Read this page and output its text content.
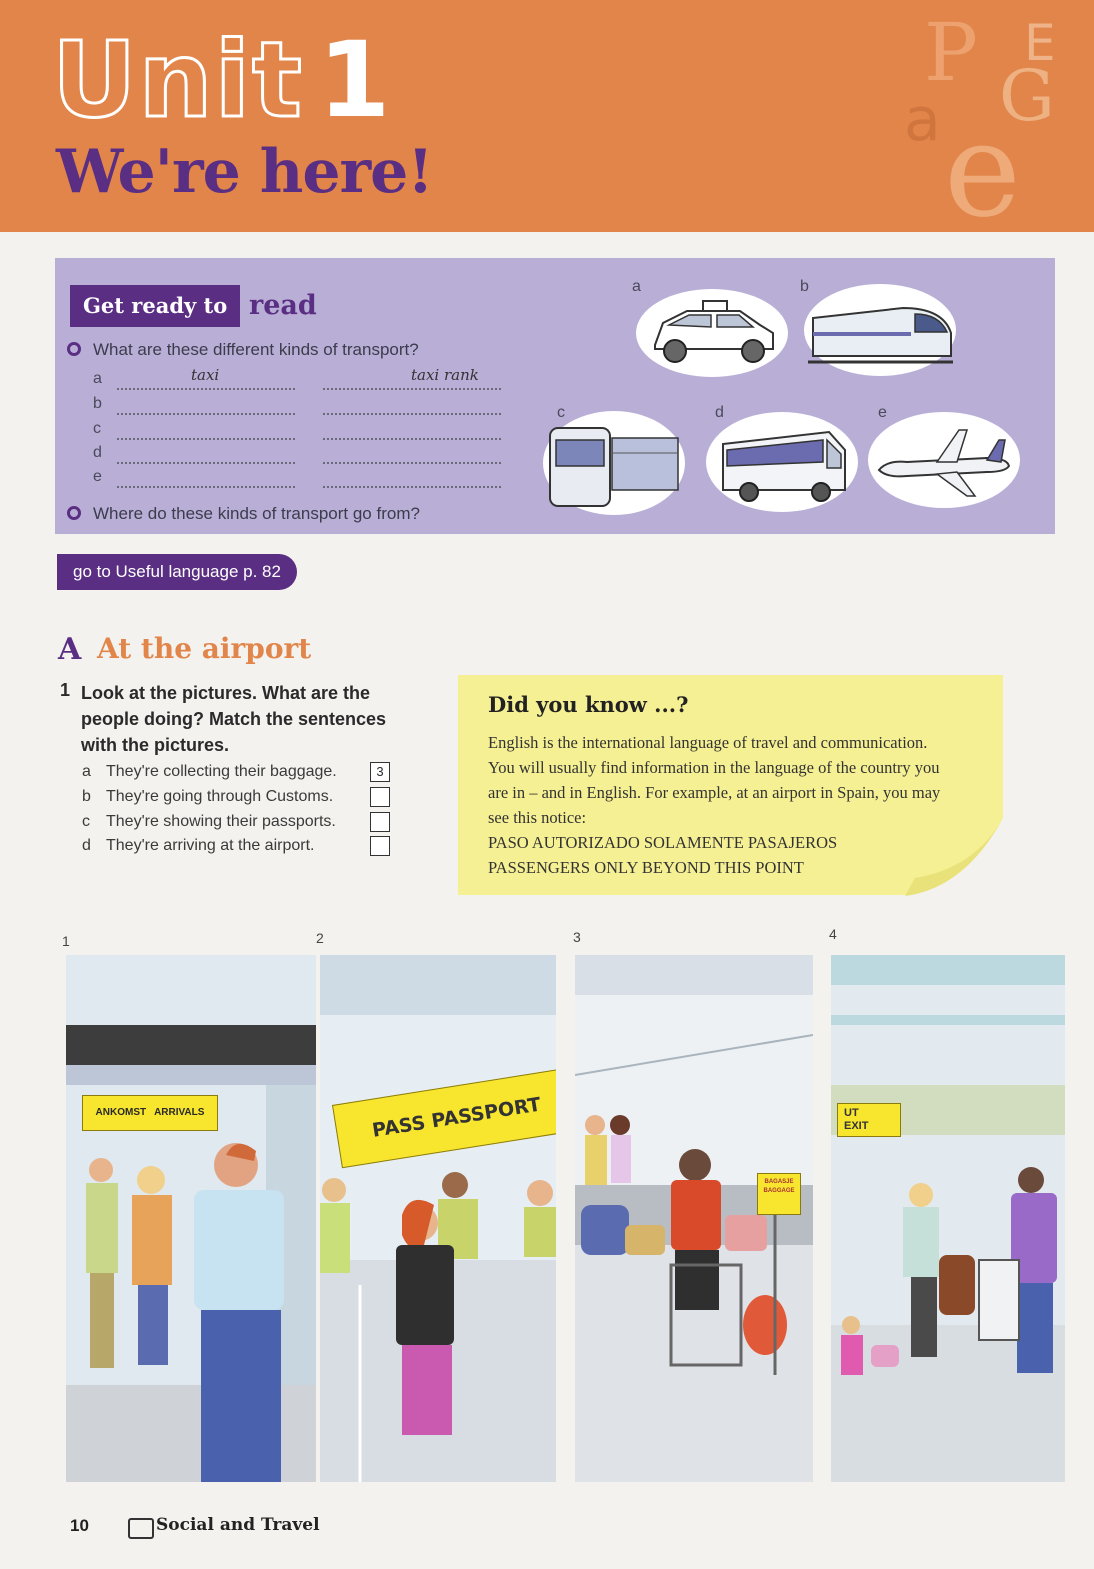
Unit 1
We're here!
P G
a e
E
Get ready to read
What are these different kinds of transport?
a	taxi	taxi rank
b
c
d
e
Where do these kinds of transport go from?
a	b
c	d	e
go to Useful language p. 82
A At the airport
1 Look at the pictures. What are the people doing? Match the sentences with the pictures.
a They're collecting their baggage.	3
b They're going through Customs.
c They're showing their passports.
d They're arriving at the airport.
Did you know ...?
English is the international language of travel and communication. You will usually find information in the language of the country you are in – and in English. For example, at an airport in Spain, you may see this notice:
PASO AUTORIZADO SOLAMENTE PASAJEROS
PASSENGERS ONLY BEYOND THIS POINT
1	2	3	4
ANKOMST   ARRIVALS	PASS PASSPORT
BAGASJE
BAGGAGE
UT
EXIT
10	Social and Travel
